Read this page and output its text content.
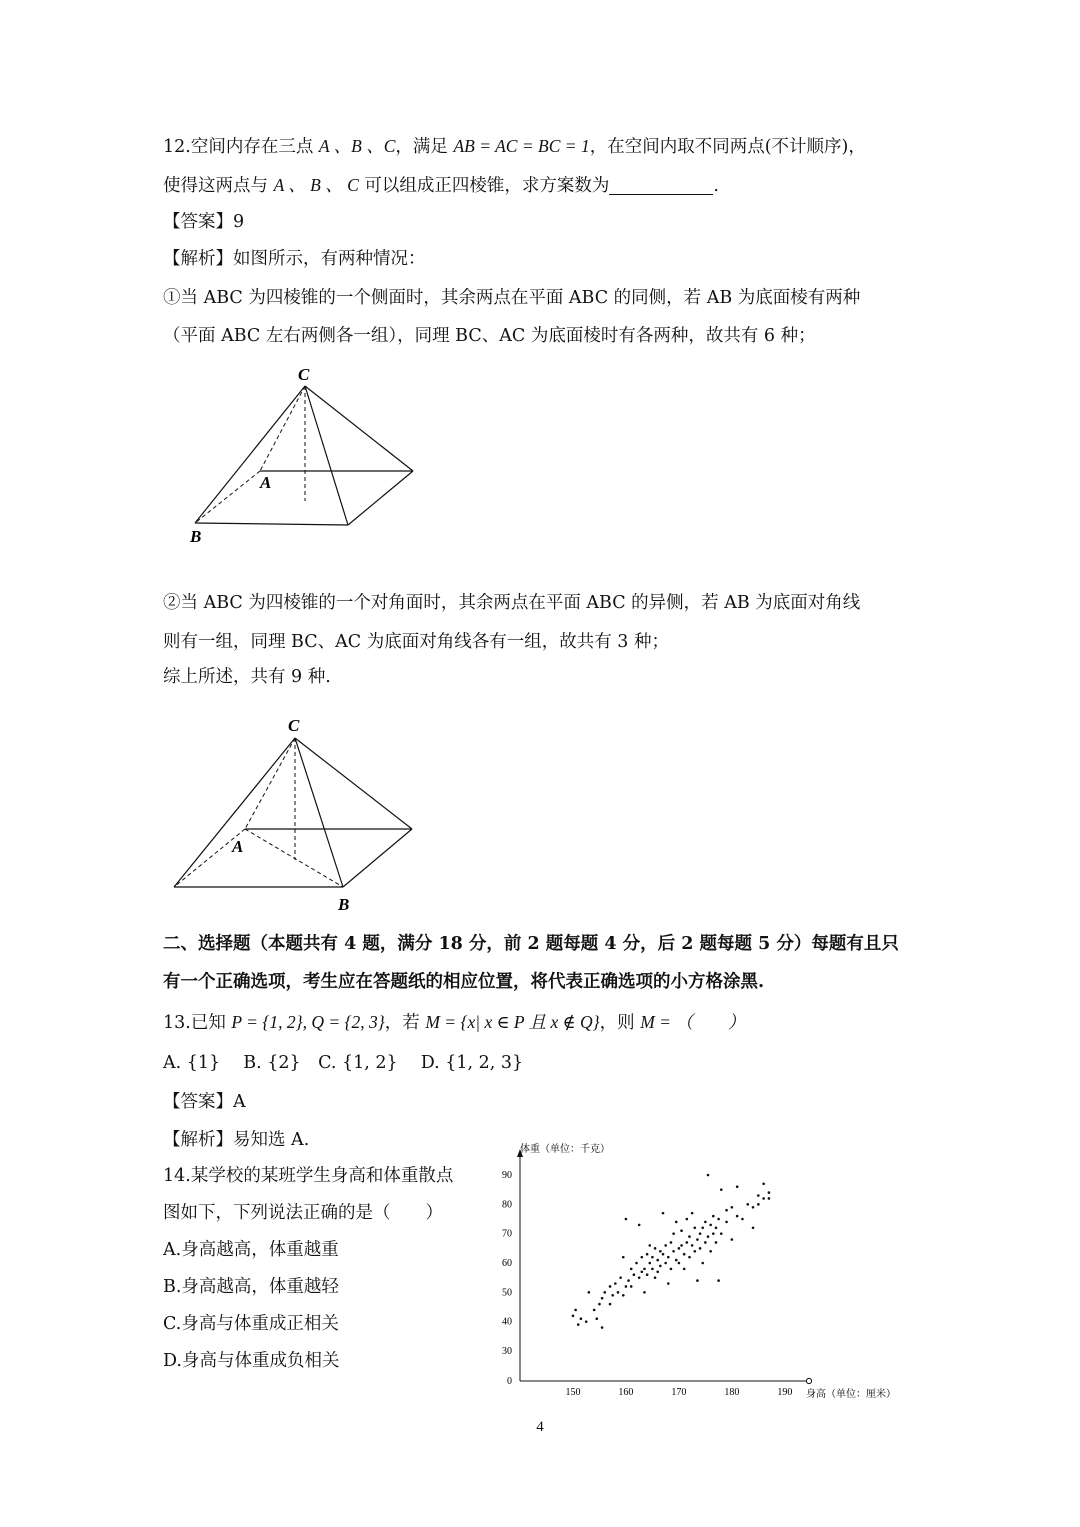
12.空间内存在三点 A 、B 、C，满足 AB = AC = BC = 1，在空间内取不同两点(不计顺序)，
使得这两点与 A 、 B 、 C 可以组成正四棱锥，求方案数为	.
【答案】9
【解析】如图所示，有两种情况：
①当 ABC 为四棱锥的一个侧面时，其余两点在平面 ABC 的同侧，若 AB 为底面棱有两种
（平面 ABC 左右两侧各一组），同理 BC、AC 为底面棱时有各两种，故共有 6 种；
C
A
B
②当 ABC 为四棱锥的一个对角面时，其余两点在平面 ABC 的异侧，若 AB 为底面对角线
则有一组，同理 BC、AC 为底面对角线各有一组，故共有 3 种；
综上所述，共有 9 种.
C
A
B
二、选择题（本题共有 4 题，满分 18 分，前 2 题每题 4 分，后 2 题每题 5 分）每题有且只
有一个正确选项，考生应在答题纸的相应位置，将代表正确选项的小方格涂黑.
13.已知 P = {1, 2}, Q = {2, 3}，若 M = {x| x ∈ P 且 x ∉ Q}，则 M = （　　）
A. {1}　 B. {2}　C. {1, 2}　 D. {1, 2, 3}
【答案】A
【解析】易知选 A.
14.某学校的某班学生身高和体重散点
图如下，下列说法正确的是（　　）
A.身高越高，体重越重
B.身高越高，体重越轻
C.身高与体重成正相关
D.身高与体重成负相关
体重（单位：千克）
身高（单位：厘米）
150	160	170	180	190
0
30
40
50
60
70
80
90
4
